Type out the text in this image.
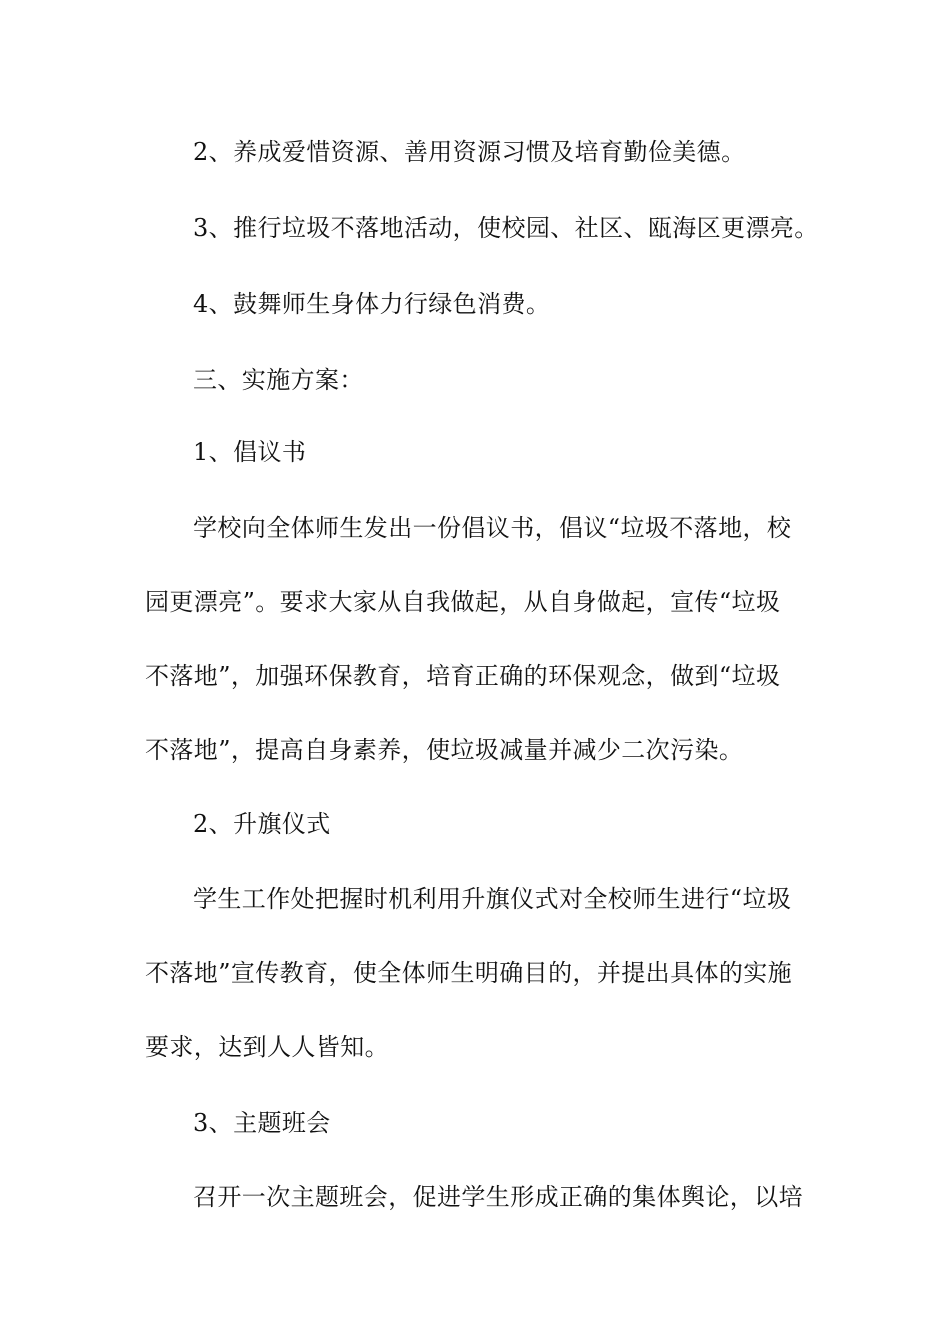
2、养成爱惜资源、善用资源习惯及培育勤俭美德。
3、推行垃圾不落地活动，使校园、社区、瓯海区更漂亮。
4、鼓舞师生身体力行绿色消费。
三、实施方案：
1、倡议书
学校向全体师生发出一份倡议书，倡议“垃圾不落地，校
园更漂亮”。要求大家从自我做起，从自身做起，宣传“垃圾
不落地”，加强环保教育，培育正确的环保观念，做到“垃圾
不落地”，提高自身素养，使垃圾减量并减少二次污染。
2、升旗仪式
学生工作处把握时机利用升旗仪式对全校师生进行“垃圾
不落地”宣传教育，使全体师生明确目的，并提出具体的实施
要求，达到人人皆知。
3、主题班会
召开一次主题班会，促进学生形成正确的集体舆论，以培
